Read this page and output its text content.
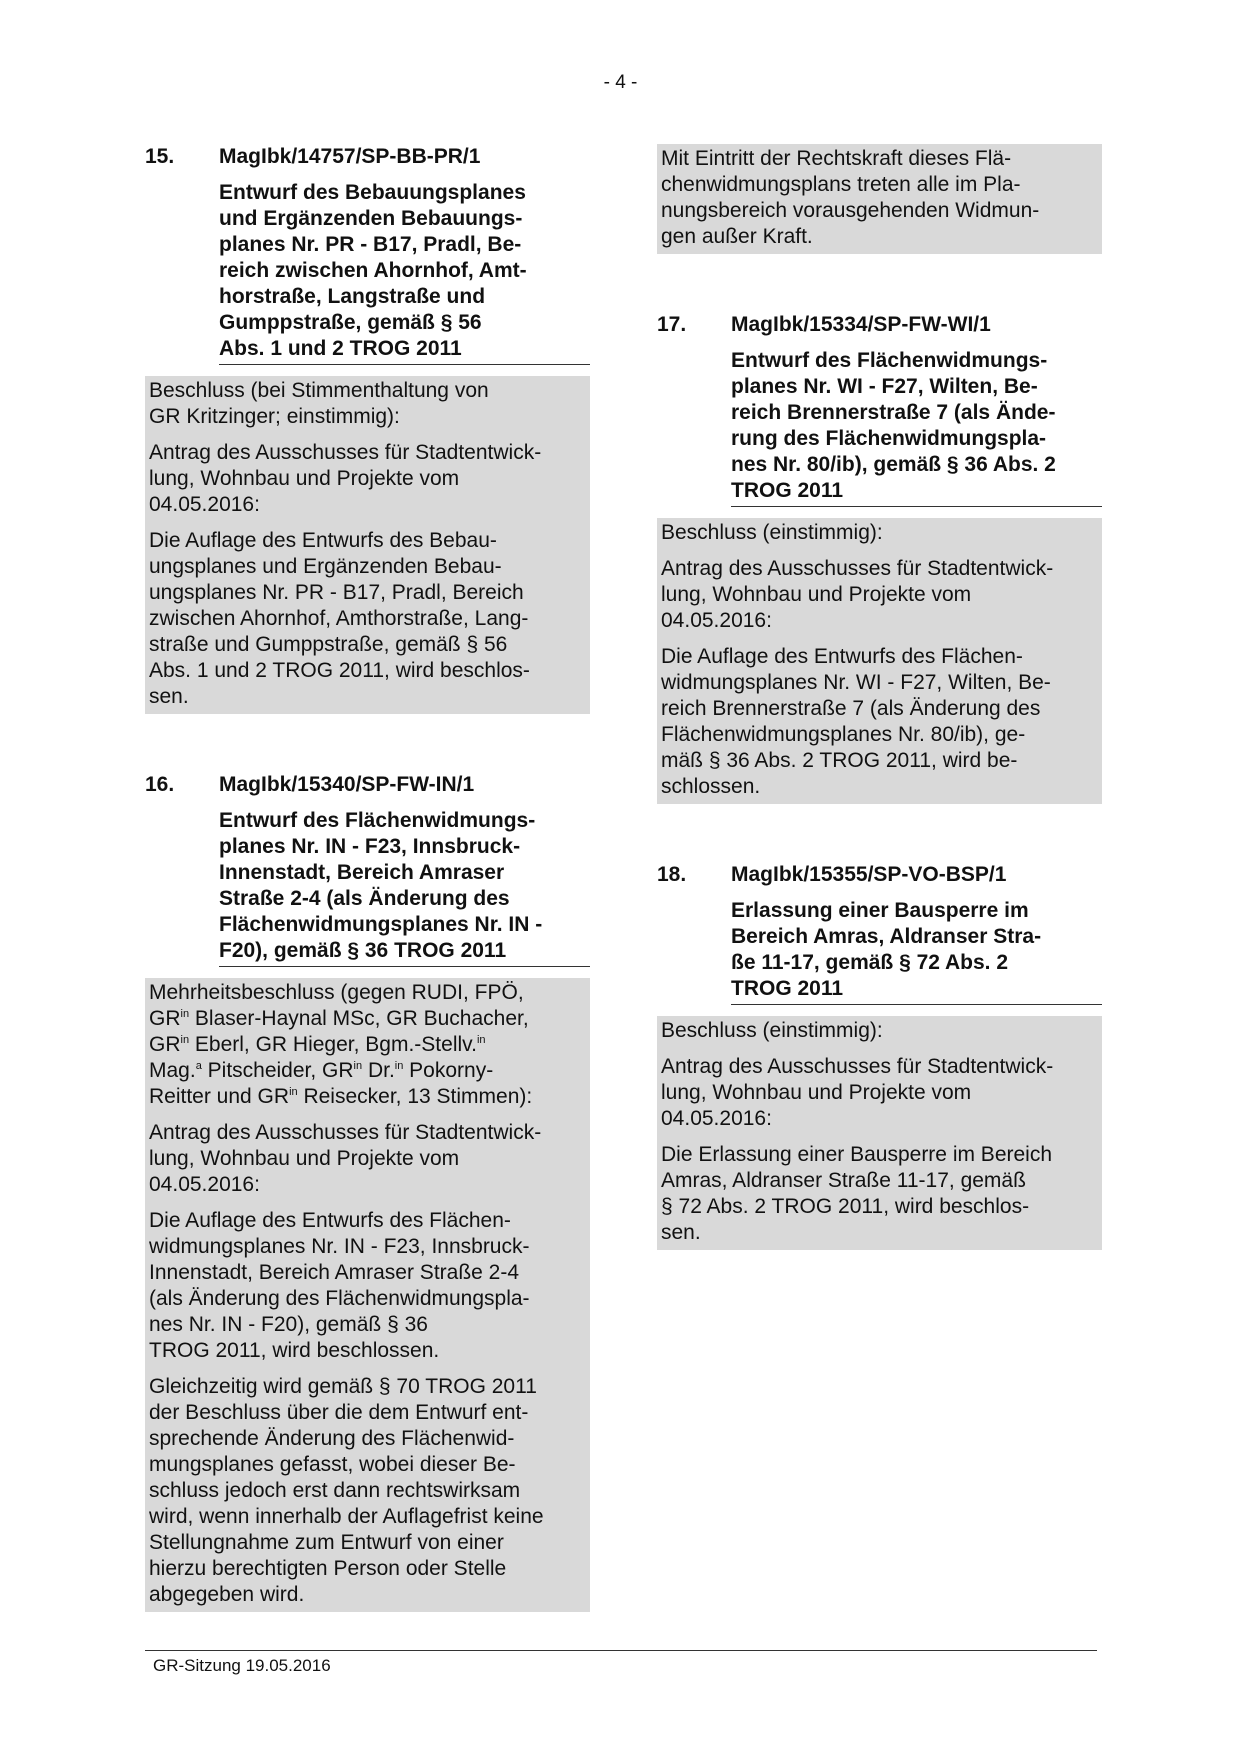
- 4 -
15.	MagIbk/14757/SP-BB-PR/1
Entwurf des Bebauungsplanes
und Ergänzenden Bebauungs-
planes Nr. PR - B17, Pradl, Be-
reich zwischen Ahornhof, Amt-
horstraße, Langstraße und
Gumppstraße, gemäß § 56
Abs. 1 und 2 TROG 2011

Beschluss (bei Stimmenthaltung von
GR Kritzinger; einstimmig):

Antrag des Ausschusses für Stadtentwick-
lung, Wohnbau und Projekte vom
04.05.2016:

Die Auflage des Entwurfs des Bebau-
ungsplanes und Ergänzenden Bebau-
ungsplanes Nr. PR - B17, Pradl, Bereich
zwischen Ahornhof, Amthorstraße, Lang-
straße und Gumppstraße, gemäß § 56
Abs. 1 und 2 TROG 2011, wird beschlos-
sen.

16.	MagIbk/15340/SP-FW-IN/1
Entwurf des Flächenwidmungs-
planes Nr. IN - F23, Innsbruck-
Innenstadt, Bereich Amraser
Straße 2-4 (als Änderung des
Flächenwidmungsplanes Nr. IN -
F20), gemäß § 36 TROG 2011

Mehrheitsbeschluss (gegen RUDI, FPÖ,
$GR^{in}$ Blaser-Haynal MSc, GR Buchacher,
$GR^{in}$ Eberl, GR Hieger, Bgm.-Stellv.$^{in}$
Mag.$^a$ Pitscheider, $GR^{in}$ Dr.$^{in}$ Pokorny-
Reitter und $GR^{in}$ Reisecker, 13 Stimmen):

Antrag des Ausschusses für Stadtentwick-
lung, Wohnbau und Projekte vom
04.05.2016:

Die Auflage des Entwurfs des Flächen-
widmungsplanes Nr. IN - F23, Innsbruck-
Innenstadt, Bereich Amraser Straße 2-4
(als Änderung des Flächenwidmungspla-
nes Nr. IN - F20), gemäß § 36
TROG 2011, wird beschlossen.

Gleichzeitig wird gemäß § 70 TROG 2011
der Beschluss über die dem Entwurf ent-
sprechende Änderung des Flächenwid-
mungsplanes gefasst, wobei dieser Be-
schluss jedoch erst dann rechtswirksam
wird, wenn innerhalb der Auflagefrist keine
Stellungnahme zum Entwurf von einer
hierzu berechtigten Person oder Stelle
abgegeben wird.

Mit Eintritt der Rechtskraft dieses Flä-
chenwidmungsplans treten alle im Pla-
nungsbereich vorausgehenden Widmun-
gen außer Kraft.

17.	MagIbk/15334/SP-FW-WI/1
Entwurf des Flächenwidmungs-
planes Nr. WI - F27, Wilten, Be-
reich Brennerstraße 7 (als Ände-
rung des Flächenwidmungspla-
nes Nr. 80/ib), gemäß § 36 Abs. 2
TROG 2011

Beschluss (einstimmig):

Antrag des Ausschusses für Stadtentwick-
lung, Wohnbau und Projekte vom
04.05.2016:

Die Auflage des Entwurfs des Flächen-
widmungsplanes Nr. WI - F27, Wilten, Be-
reich Brennerstraße 7 (als Änderung des
Flächenwidmungsplanes Nr. 80/ib), ge-
mäß § 36 Abs. 2 TROG 2011, wird be-
schlossen.

18.	MagIbk/15355/SP-VO-BSP/1
Erlassung einer Bausperre im
Bereich Amras, Aldranser Stra-
ße 11-17, gemäß § 72 Abs. 2
TROG 2011

Beschluss (einstimmig):

Antrag des Ausschusses für Stadtentwick-
lung, Wohnbau und Projekte vom
04.05.2016:

Die Erlassung einer Bausperre im Bereich
Amras, Aldranser Straße 11-17, gemäß
§ 72 Abs. 2 TROG 2011, wird beschlos-
sen.

GR-Sitzung 19.05.2016
